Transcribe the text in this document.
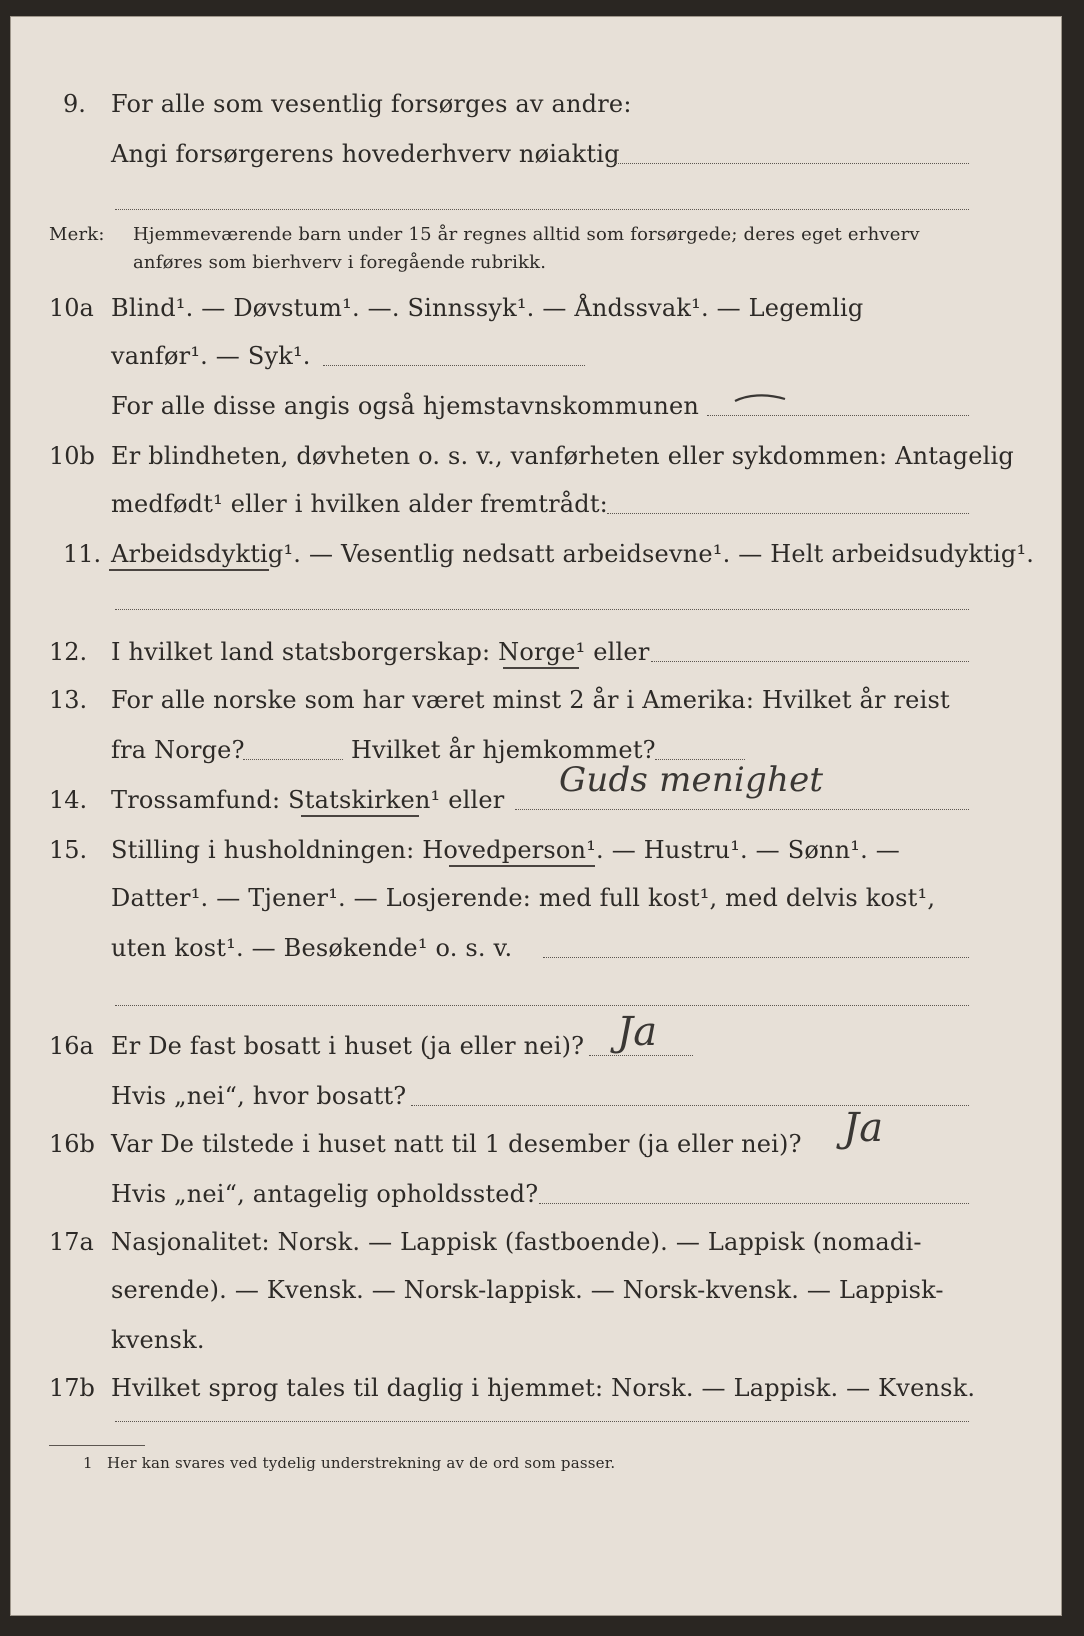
9. For alle som vesentlig forsørges av andre:
Angi forsørgerens hovederhverv nøiaktig
Merk: Hjemmeværende barn under 15 år regnes alltid som forsørgede; deres eget erhverv
anføres som bierhverv i foregående rubrikk.
10a Blind¹. — Døvstum¹. —. Sinnssyk¹. — Åndssvak¹. — Legemlig
vanfør¹. — Syk¹.
For alle disse angis også hjemstavnskommunen
10b Er blindheten, døvheten o. s. v., vanførheten eller sykdommen: Antagelig
medfødt¹ eller i hvilken alder fremtrådt:
11. Arbeidsdyktig¹. — Vesentlig nedsatt arbeidsevne¹. — Helt arbeidsudyktig¹.
12. I hvilket land statsborgerskap: Norge¹ eller
13. For alle norske som har været minst 2 år i Amerika: Hvilket år reist
fra Norge?	Hvilket år hjemkommet?
14. Trossamfund: Statskirken¹ eller Guds menighet
15. Stilling i husholdningen: Hovedperson¹. — Hustru¹. — Sønn¹. —
Datter¹. — Tjener¹. — Losjerende: med full kost¹, med delvis kost¹,
uten kost¹. — Besøkende¹ o. s. v.
16a Er De fast bosatt i huset (ja eller nei)? Ja
Hvis „nei“, hvor bosatt?
16b Var De tilstede i huset natt til 1 desember (ja eller nei)? Ja
Hvis „nei“, antagelig opholdssted?
17a Nasjonalitet: Norsk. — Lappisk (fastboende). — Lappisk (nomadi-
serende). — Kvensk. — Norsk-lappisk. — Norsk-kvensk. — Lappisk-
kvensk.
17b Hvilket sprog tales til daglig i hjemmet: Norsk. — Lappisk. — Kvensk.
1 Her kan svares ved tydelig understrekning av de ord som passer.
